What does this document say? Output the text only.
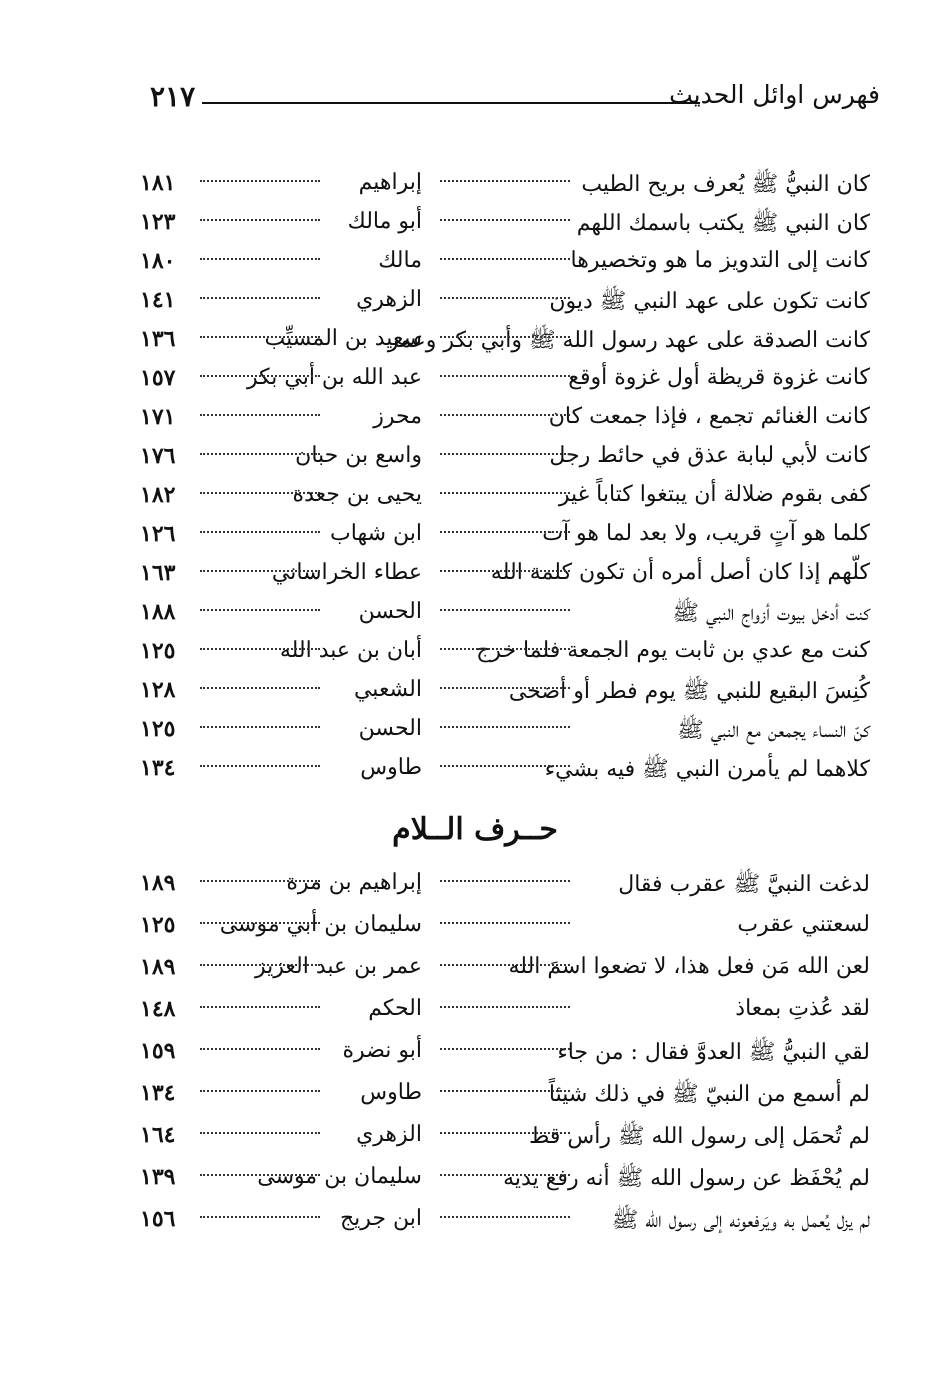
٢١٧	فهرس اوائل الحديث
كان النبيُّ ﷺ يُعرف بريح الطيب
إبراهيم
١٨١
كان النبي ﷺ يكتب باسمك اللهم
أبو مالك
١٢٣
كانت إلى التدويز ما هو وتخصيرها
مالك
١٨٠
كانت تكون على عهد النبي ﷺ ديون
الزهري
١٤١
كانت الصدقة على عهد رسول الله ﷺ وأبي بكر وعمر
سعيد بن المسيِّب
١٣٦
كانت غزوة قريظة أول غزوة أوقع
عبد الله بن أبي بكر
١٥٧
كانت الغنائم تجمع ، فإذا جمعت كان
محرز
١٧١
كانت لأبي لبابة عذق في حائط رجل
واسع بن حبان
١٧٦
كفى بقوم ضلالة أن يبتغوا كتاباً غير
يحيى بن جعدة
١٨٢
كلما هو آتٍ قريب، ولا بعد لما هو آت
ابن شهاب
١٢٦
كلّهم إذا كان أصل أمره أن تكون كلمة الله
عطاء الخراساني
١٦٣
كنت أدخل بيوت أزواج النبي ﷺ
الحسن
١٨٨
كنت مع عدي بن ثابت يوم الجمعة فلما خرج
أبان بن عبد الله
١٢٥
كُنِسَ البقيع للنبي ﷺ يوم فطر أو أضحى
الشعبي
١٢٨
كنّ النساء يجمعن مع النبي ﷺ
الحسن
١٢٥
كلاهما لم يأمرن النبي ﷺ فيه بشيء
طاوس
١٣٤
حــرف الــلام
لدغت النبيَّ ﷺ عقرب فقال
إبراهيم بن مرة
١٨٩
لسعتني عقرب
سليمان بن أبي موسى
١٢٥
لعن الله مَن فعل هذا، لا تضعوا اسمَ الله
عمر بن عبد العزيز
١٨٩
لقد عُذتِ بمعاذ
الحكم
١٤٨
لقي النبيُّ ﷺ العدوَّ فقال : من جاء
أبو نضرة
١٥٩
لم أسمع من النبيّ ﷺ في ذلك شيئاً
طاوس
١٣٤
لم تُحمَل إلى رسول الله ﷺ رأس قط
الزهري
١٦٤
لم يُحْفَظ عن رسول الله ﷺ أنه رفع يديه
سليمان بن موسى
١٣٩
لم يزل يُعمل به ويَرفعونه إلى رسول الله ﷺ
ابن جريج
١٥٦
